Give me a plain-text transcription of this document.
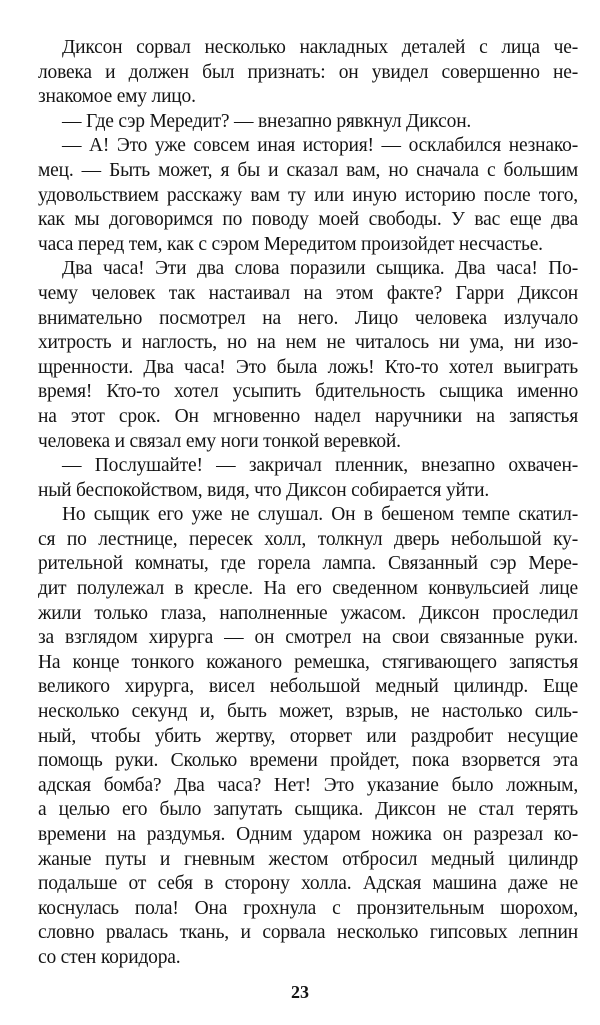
Диксон сорвал несколько накладных деталей с лица че-
ловека и должен был признать: он увидел совершенно не-
знакомое ему лицо.
— Где сэр Мередит? — внезапно рявкнул Диксон.
— А! Это уже совсем иная история! — осклабился незнако-
мец. — Быть может, я бы и сказал вам, но сначала с большим
удовольствием расскажу вам ту или иную историю после того,
как мы договоримся по поводу моей свободы. У вас еще два
часа перед тем, как с сэром Мередитом произойдет несчастье.
Два часа! Эти два слова поразили сыщика. Два часа! По-
чему человек так настаивал на этом факте? Гарри Диксон
внимательно посмотрел на него. Лицо человека излучало
хитрость и наглость, но на нем не читалось ни ума, ни изо-
щренности. Два часа! Это была ложь! Кто-то хотел выиграть
время! Кто-то хотел усыпить бдительность сыщика именно
на этот срок. Он мгновенно надел наручники на запястья
человека и связал ему ноги тонкой веревкой.
— Послушайте! — закричал пленник, внезапно охвачен-
ный беспокойством, видя, что Диксон собирается уйти.
Но сыщик его уже не слушал. Он в бешеном темпе скатил-
ся по лестнице, пересек холл, толкнул дверь небольшой ку-
рительной комнаты, где горела лампа. Связанный сэр Мере-
дит полулежал в кресле. На его сведенном конвульсией лице
жили только глаза, наполненные ужасом. Диксон проследил
за взглядом хирурга — он смотрел на свои связанные руки.
На конце тонкого кожаного ремешка, стягивающего запястья
великого хирурга, висел небольшой медный цилиндр. Еще
несколько секунд и, быть может, взрыв, не настолько силь-
ный, чтобы убить жертву, оторвет или раздробит несущие
помощь руки. Сколько времени пройдет, пока взорвется эта
адская бомба? Два часа? Нет! Это указание было ложным,
а целью его было запутать сыщика. Диксон не стал терять
времени на раздумья. Одним ударом ножика он разрезал ко-
жаные путы и гневным жестом отбросил медный цилиндр
подальше от себя в сторону холла. Адская машина даже не
коснулась пола! Она грохнула с пронзительным шорохом,
словно рвалась ткань, и сорвала несколько гипсовых лепнин
со стен коридора.
23
